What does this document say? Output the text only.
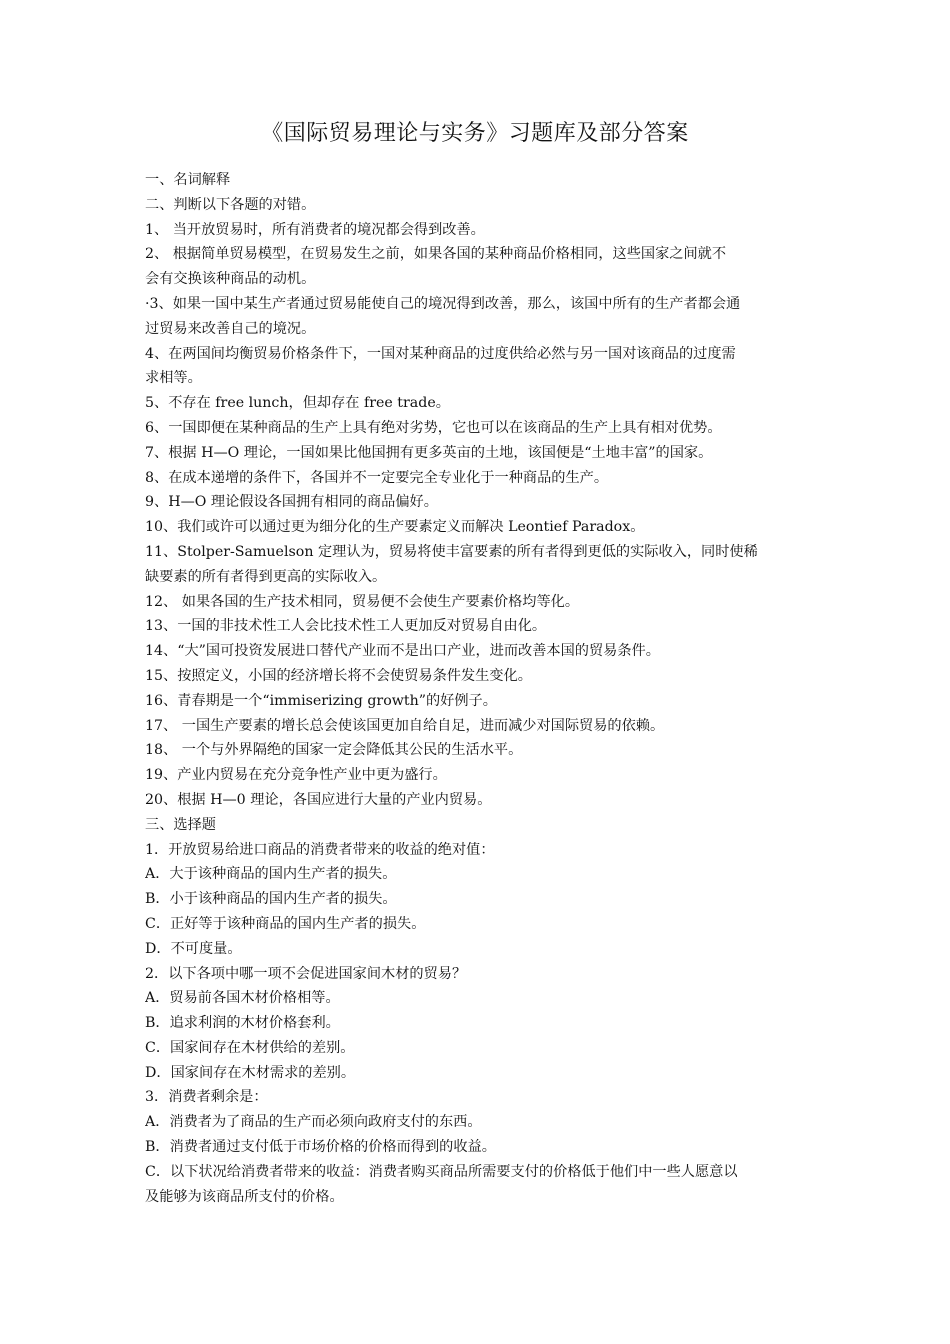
《国际贸易理论与实务》习题库及部分答案
一、名词解释
二、判断以下各题的对错。
1、 当开放贸易时，所有消费者的境况都会得到改善。
2、 根据简单贸易模型，在贸易发生之前，如果各国的某种商品价格相同，这些国家之间就不
会有交换该种商品的动机。
·3、如果一国中某生产者通过贸易能使自己的境况得到改善，那么，该国中所有的生产者都会通
过贸易来改善自己的境况。
4、在两国间均衡贸易价格条件下，一国对某种商品的过度供给必然与另一国对该商品的过度需
求相等。
5、不存在 free lunch，但却存在 free trade。
6、一国即便在某种商品的生产上具有绝对劣势，它也可以在该商品的生产上具有相对优势。
7、根据 H—O 理论，一国如果比他国拥有更多英亩的土地，该国便是“土地丰富”的国家。
8、在成本递增的条件下，各国并不一定要完全专业化于一种商品的生产。
9、H—O 理论假设各国拥有相同的商品偏好。
10、我们或许可以通过更为细分化的生产要素定义而解决 Leontief Paradox。
11、Stolper-Samuelson 定理认为，贸易将使丰富要素的所有者得到更低的实际收入，同时使稀
缺要素的所有者得到更高的实际收入。
12、 如果各国的生产技术相同，贸易便不会使生产要素价格均等化。
13、一国的非技术性工人会比技术性工人更加反对贸易自由化。
14、“大”国可投资发展进口替代产业而不是出口产业，进而改善本国的贸易条件。
15、按照定义，小国的经济增长将不会使贸易条件发生变化。
16、青春期是一个“immiserizing growth”的好例子。
17、 一国生产要素的增长总会使该国更加自给自足，进而减少对国际贸易的依赖。
18、 一个与外界隔绝的国家一定会降低其公民的生活水平。
19、产业内贸易在充分竞争性产业中更为盛行。
20、根据 H—0 理论，各国应进行大量的产业内贸易。
三、选择题
1．开放贸易给进口商品的消费者带来的收益的绝对值：
A．大于该种商品的国内生产者的损失。
B．小于该种商品的国内生产者的损失。
C．正好等于该种商品的国内生产者的损失。
D．不可度量。
2．以下各项中哪一项不会促进国家间木材的贸易？
A．贸易前各国木材价格相等。
B．追求利润的木材价格套利。
C．国家间存在木材供给的差别。
D．国家间存在木材需求的差别。
3．消费者剩余是：
A．消费者为了商品的生产而必须向政府支付的东西。
B．消费者通过支付低于市场价格的价格而得到的收益。
C．以下状况给消费者带来的收益：消费者购买商品所需要支付的价格低于他们中一些人愿意以
及能够为该商品所支付的价格。
